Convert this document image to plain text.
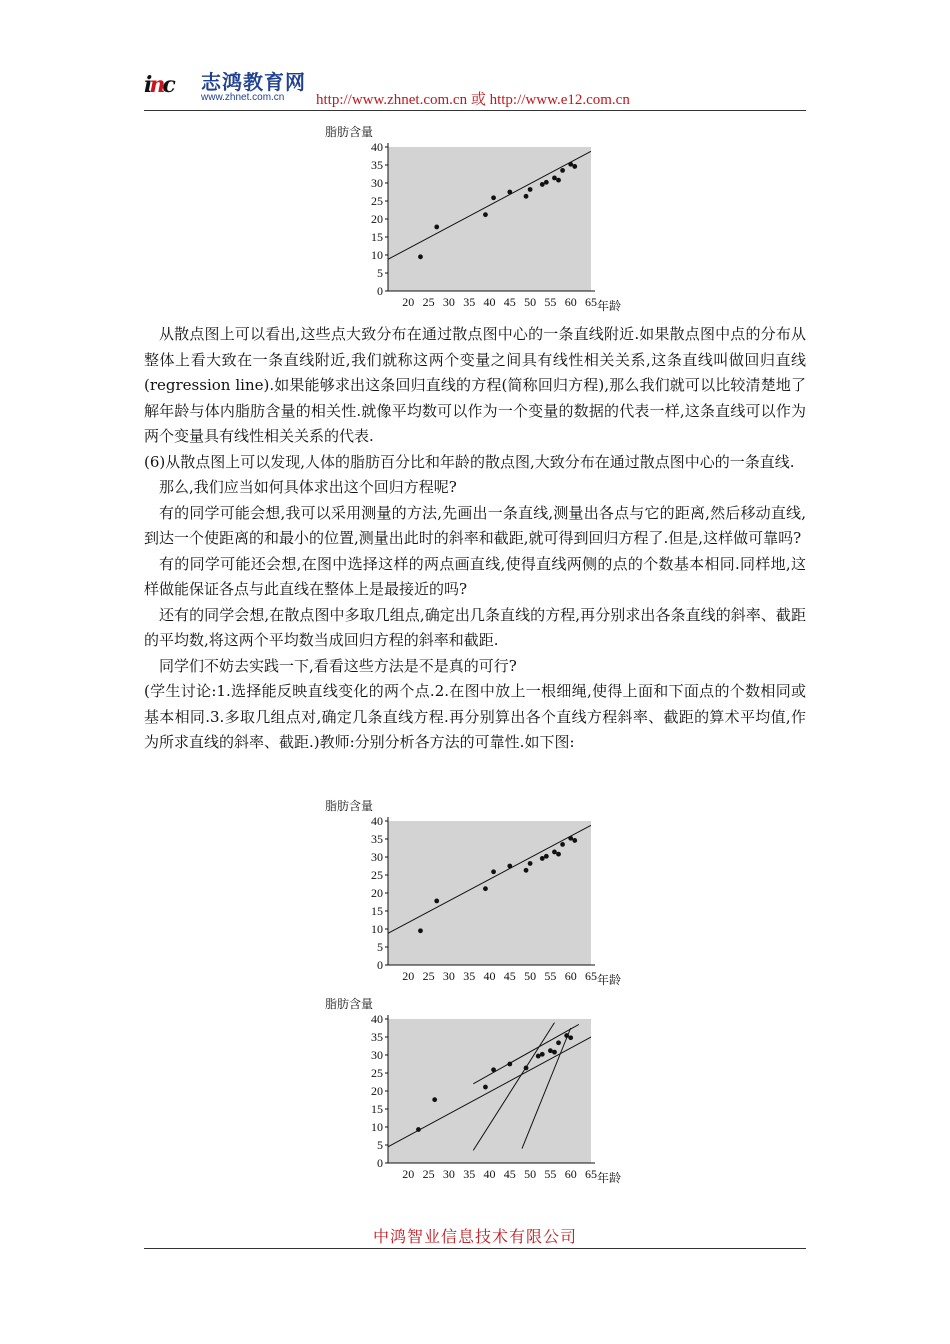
inc 志鸿教育网
www.zhnet.com.cn http://www.zhnet.com.cn 或 http://www.e12.com.cn
脂肪含量
0
5
10
15
20
25
30
35
40
20 25 30 35 40 45 50 55 60 65 年龄

从散点图上可以看出,这些点大致分布在通过散点图中心的一条直线附近.如果散点图中点的分布从整体上看大致在一条直线附近,我们就称这两个变量之间具有线性相关关系,这条直线叫做回归直线(regression line).如果能够求出这条回归直线的方程(简称回归方程),那么我们就可以比较清楚地了解年龄与体内脂肪含量的相关性.就像平均数可以作为一个变量的数据的代表一样,这条直线可以作为两个变量具有线性相关关系的代表.

(6)从散点图上可以发现,人体的脂肪百分比和年龄的散点图,大致分布在通过散点图中心的一条直线.

那么,我们应当如何具体求出这个回归方程呢?

有的同学可能会想,我可以采用测量的方法,先画出一条直线,测量出各点与它的距离,然后移动直线,到达一个使距离的和最小的位置,测量出此时的斜率和截距,就可得到回归方程了.但是,这样做可靠吗?

有的同学可能还会想,在图中选择这样的两点画直线,使得直线两侧的点的个数基本相同.同样地,这样做能保证各点与此直线在整体上是最接近的吗?

还有的同学会想,在散点图中多取几组点,确定出几条直线的方程,再分别求出各条直线的斜率、截距的平均数,将这两个平均数当成回归方程的斜率和截距.

同学们不妨去实践一下,看看这些方法是不是真的可行?

(学生讨论:1.选择能反映直线变化的两个点.2.在图中放上一根细绳,使得上面和下面点的个数相同或基本相同.3.多取几组点对,确定几条直线方程.再分别算出各个直线方程斜率、截距的算术平均值,作为所求直线的斜率、截距.)教师:分别分析各方法的可靠性.如下图:

脂肪含量
0
5
10
15
20
25
30
35
40
20 25 30 35 40 45 50 55 60 65 年龄
脂肪含量
0
5
10
15
20
25
30
35
40
20 25 30 35 40 45 50 55 60 65 年龄
中鸿智业信息技术有限公司
